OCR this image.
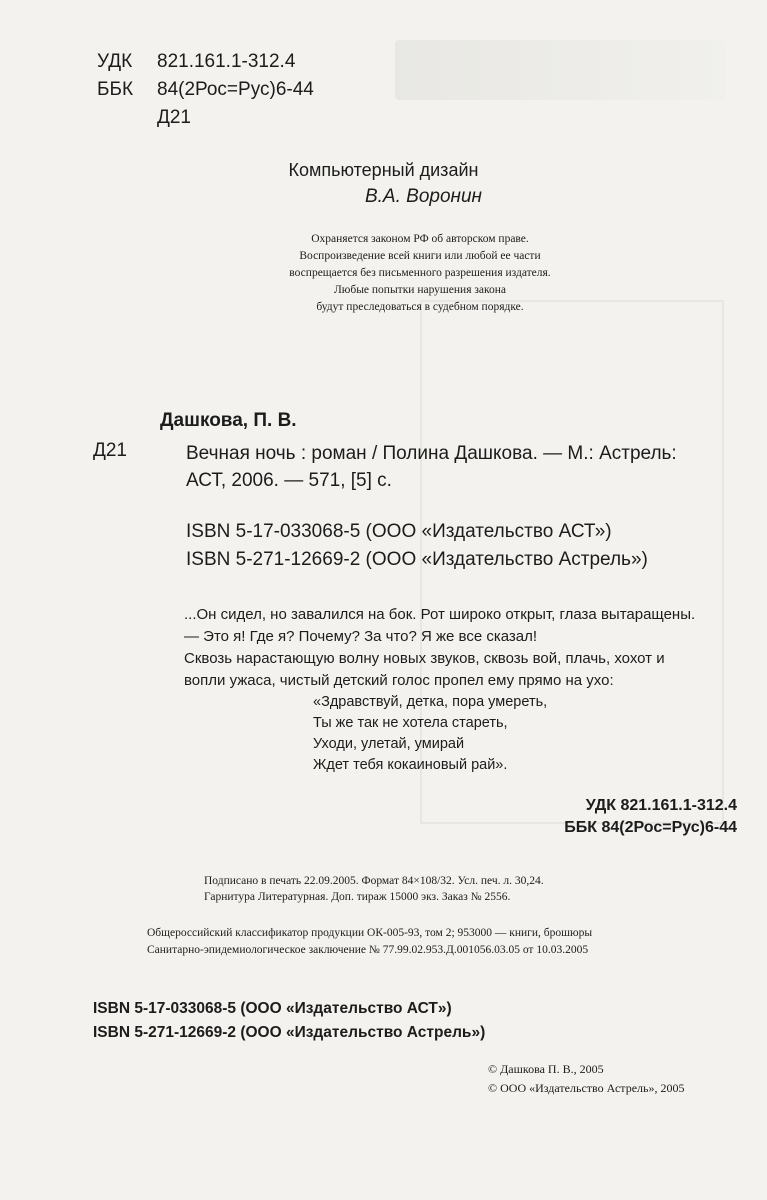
УДК 821.161.1-312.4
ББК 84(2Рос=Рус)6-44
Д21
Компьютерный дизайн
В.А. Воронин
Охраняется законом РФ об авторском праве.
Воспроизведение всей книги или любой ее части
воспрещается без письменного разрешения издателя.
Любые попытки нарушения закона
будут преследоваться в судебном порядке.
Дашкова, П. В.
Д21	Вечная ночь : роман / Полина Дашкова. — М.: Астрель:
АСТ, 2006. — 571, [5] с.
ISBN 5-17-033068-5 (ООО «Издательство АСТ»)
ISBN 5-271-12669-2 (ООО «Издательство Астрель»)
...Он сидел, но завалился на бок. Рот широко открыт, глаза вытаращены.
— Это я! Где я? Почему? За что? Я же все сказал!
Сквозь нарастающую волну новых звуков, сквозь вой, плачь, хохот и
вопли ужаса, чистый детский голос пропел ему прямо на ухо:
«Здравствуй, детка, пора умереть,
Ты же так не хотела стареть,
Уходи, улетай, умирай
Ждет тебя кокаиновый рай».
УДК 821.161.1-312.4
ББК 84(2Рос=Рус)6-44
Подписано в печать 22.09.2005. Формат 84×108/32. Усл. печ. л. 30,24.
Гарнитура Литературная. Доп. тираж 15000 экз. Заказ № 2556.
Общероссийский классификатор продукции ОК-005-93, том 2; 953000 — книги, брошюры
Санитарно-эпидемиологическое заключение № 77.99.02.953.Д.001056.03.05 от 10.03.2005
ISBN 5-17-033068-5 (ООО «Издательство АСТ»)
ISBN 5-271-12669-2 (ООО «Издательство Астрель»)
© Дашкова П. В., 2005
© ООО «Издательство Астрель», 2005
